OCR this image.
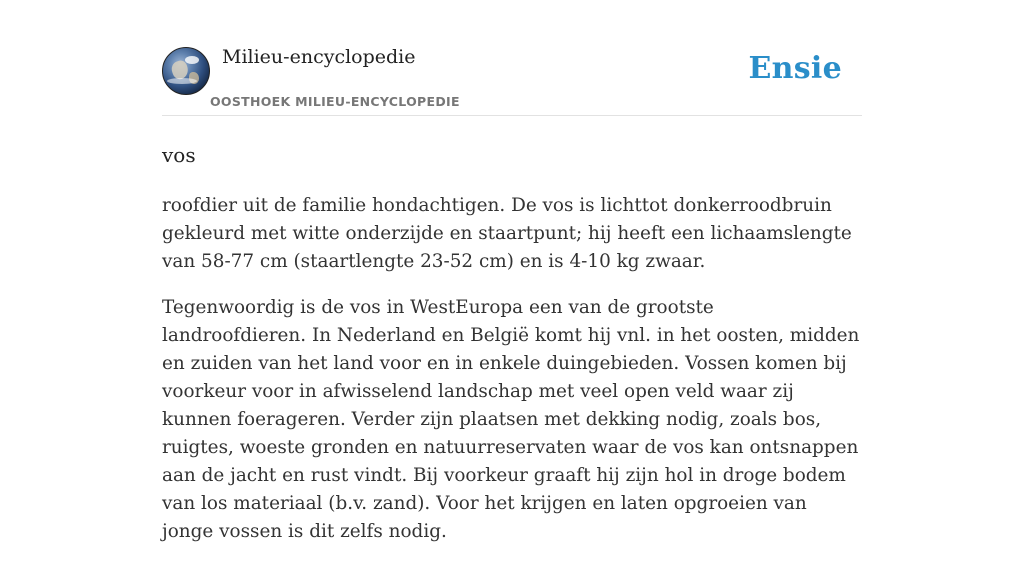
Milieu-encyclopedie
OOSTHOEK MILIEU-ENCYCLOPEDIE
Ensie
vos

roofdier uit de familie hondachtigen. De vos is lichttot donkerroodbruin gekleurd met witte onderzijde en staartpunt; hij heeft een lichaamslengte van 58-77 cm (staartlengte 23-52 cm) en is 4-10 kg zwaar.

Tegenwoordig is de vos in WestEuropa een van de grootste landroofdieren. In Nederland en België komt hij vnl. in het oosten, midden en zuiden van het land voor en in enkele duingebieden. Vossen komen bij voorkeur voor in afwisselend landschap met veel open veld waar zij kunnen foerageren. Verder zijn plaatsen met dekking nodig, zoals bos, ruigtes, woeste gronden en natuurreservaten waar de vos kan ontsnappen aan de jacht en rust vindt. Bij voorkeur graaft hij zijn hol in droge bodem van los materiaal (b.v. zand). Voor het krijgen en laten opgroeien van jonge vossen is dit zelfs nodig.
